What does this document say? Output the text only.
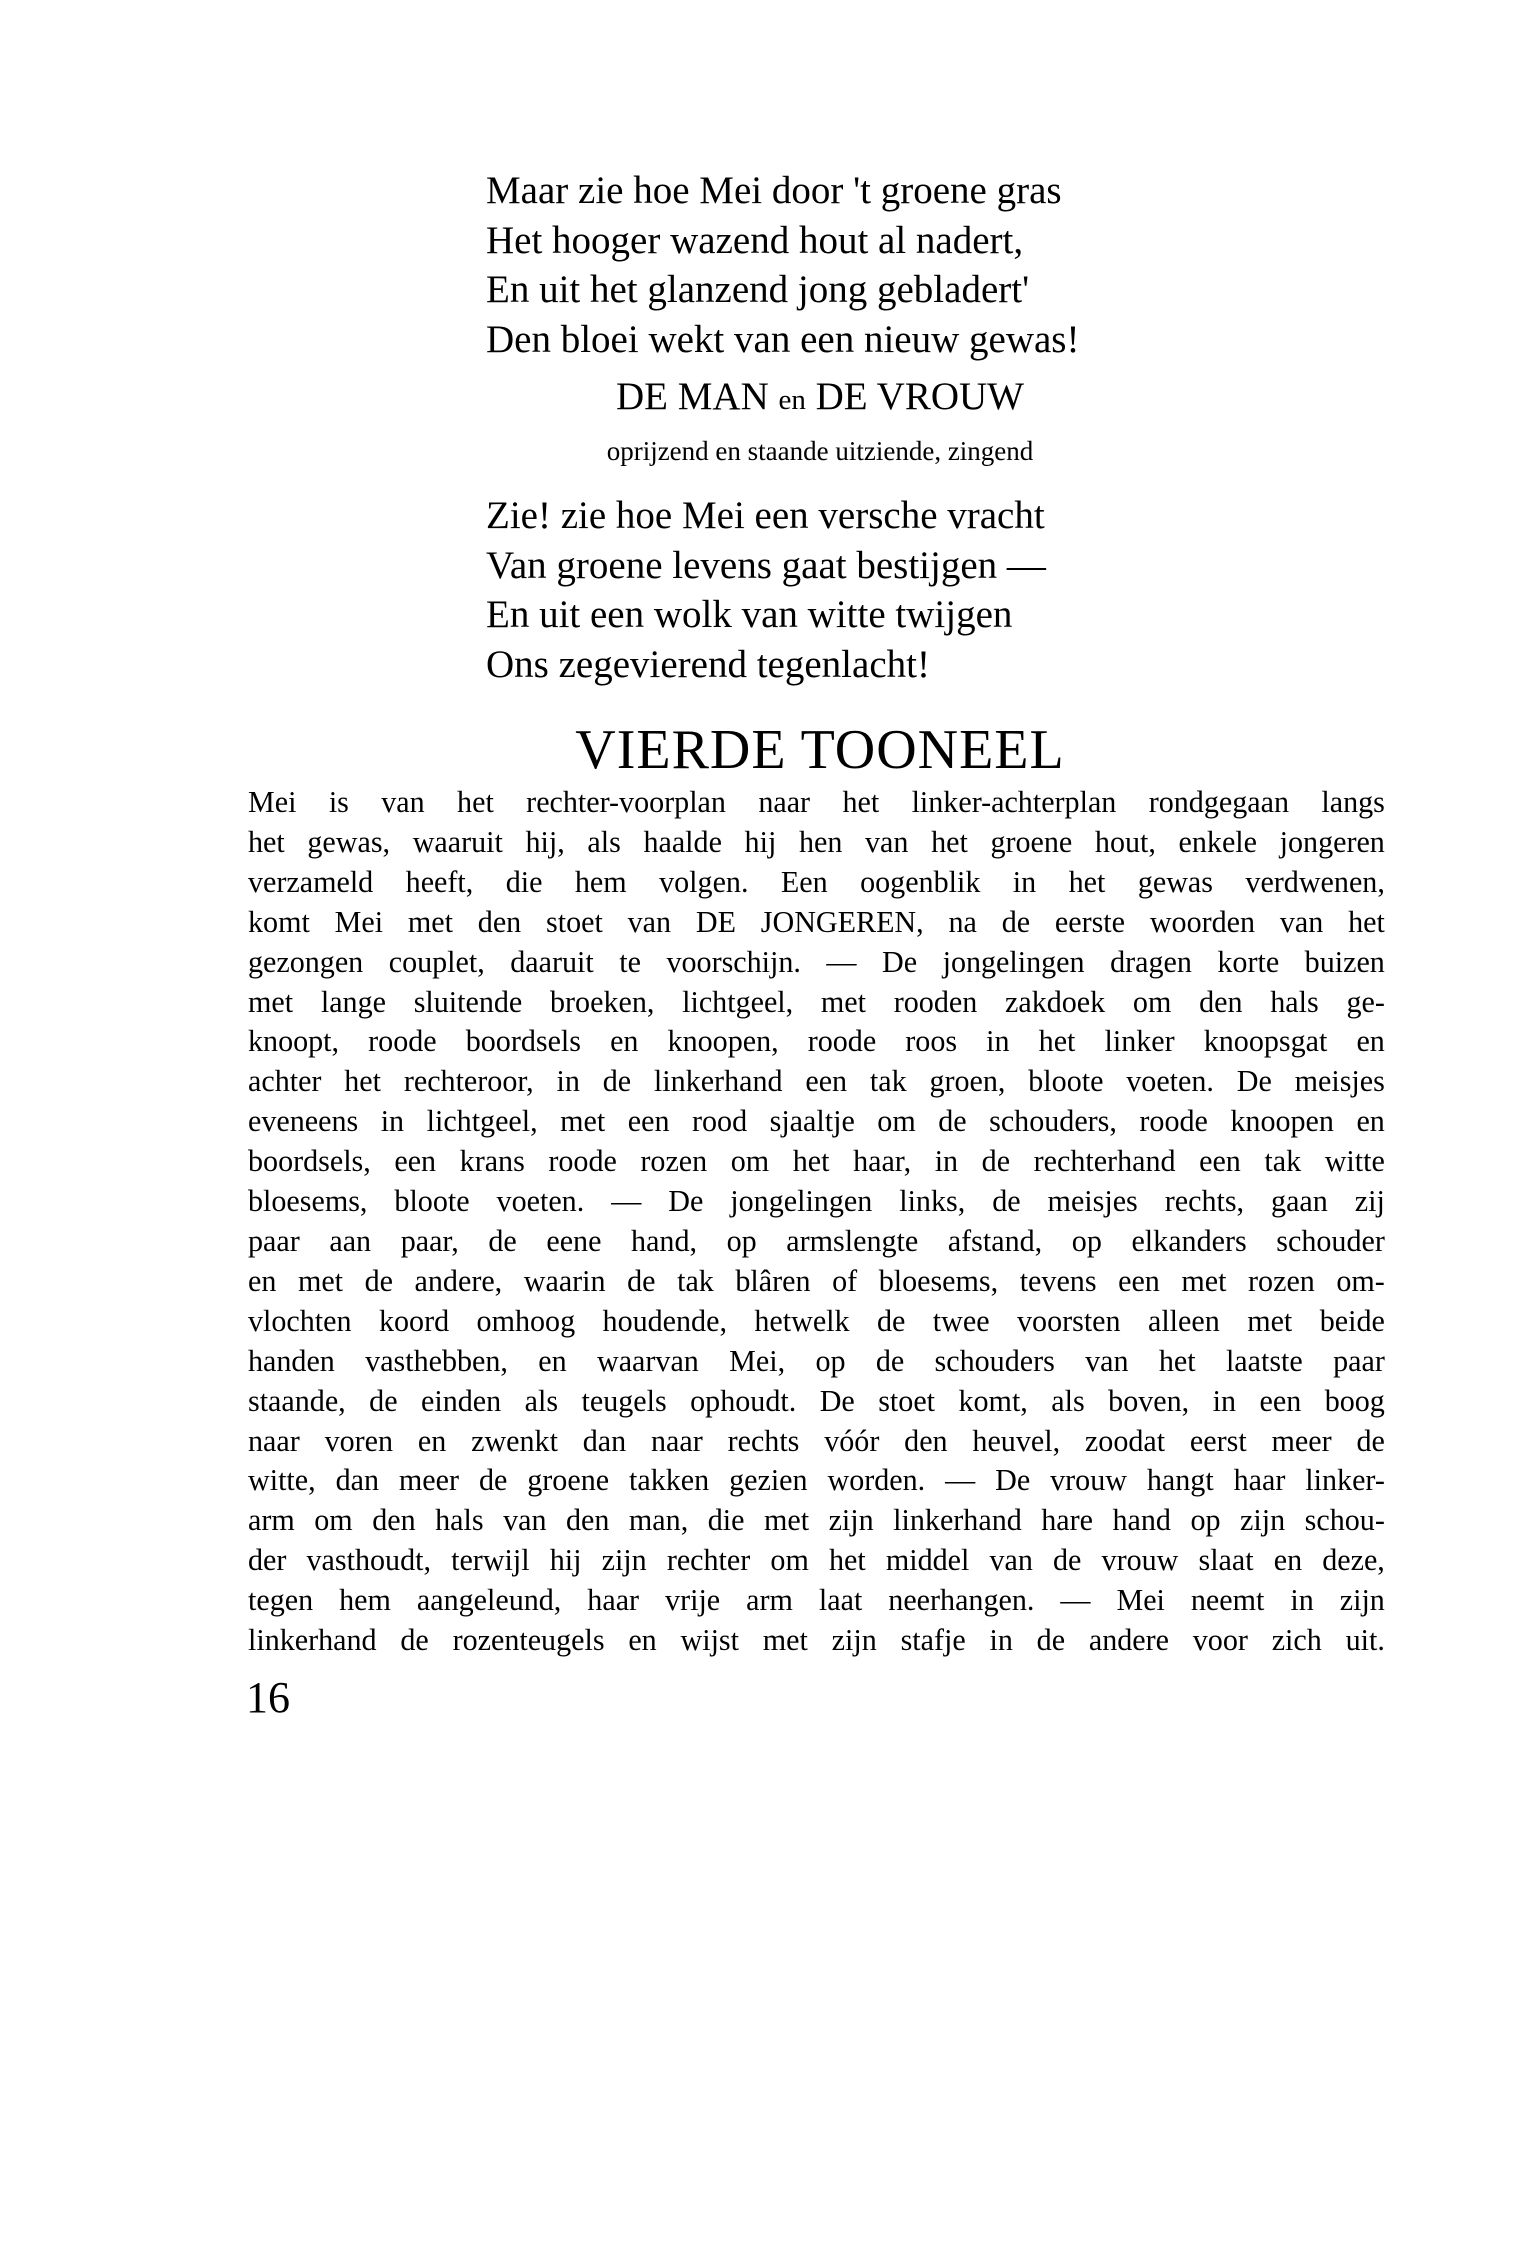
Maar zie hoe Mei door 't groene gras
Het hooger wazend hout al nadert,
En uit het glanzend jong gebladert'
Den bloei wekt van een nieuw gewas!
DE MAN en DE VROUW
oprijzend en staande uitziende, zingend
Zie! zie hoe Mei een versche vracht
Van groene levens gaat bestijgen —
En uit een wolk van witte twijgen
Ons zegevierend tegenlacht!
VIERDE TOONEEL
Mei is van het rechter-voorplan naar het linker-achterplan rondgegaan langs
het gewas, waaruit hij, als haalde hij hen van het groene hout, enkele jongeren
verzameld heeft, die hem volgen. Een oogenblik in het gewas verdwenen,
komt Mei met den stoet van DE JONGEREN, na de eerste woorden van het
gezongen couplet, daaruit te voorschijn. — De jongelingen dragen korte buizen
met lange sluitende broeken, lichtgeel, met rooden zakdoek om den hals ge-
knoopt, roode boordsels en knoopen, roode roos in het linker knoopsgat en
achter het rechteroor, in de linkerhand een tak groen, bloote voeten. De meisjes
eveneens in lichtgeel, met een rood sjaaltje om de schouders, roode knoopen en
boordsels, een krans roode rozen om het haar, in de rechterhand een tak witte
bloesems, bloote voeten. — De jongelingen links, de meisjes rechts, gaan zij
paar aan paar, de eene hand, op armslengte afstand, op elkanders schouder
en met de andere, waarin de tak blâren of bloesems, tevens een met rozen om-
vlochten koord omhoog houdende, hetwelk de twee voorsten alleen met beide
handen vasthebben, en waarvan Mei, op de schouders van het laatste paar
staande, de einden als teugels ophoudt. De stoet komt, als boven, in een boog
naar voren en zwenkt dan naar rechts vóór den heuvel, zoodat eerst meer de
witte, dan meer de groene takken gezien worden. — De vrouw hangt haar linker-
arm om den hals van den man, die met zijn linkerhand hare hand op zijn schou-
der vasthoudt, terwijl hij zijn rechter om het middel van de vrouw slaat en deze,
tegen hem aangeleund, haar vrije arm laat neerhangen. — Mei neemt in zijn
linkerhand de rozenteugels en wijst met zijn stafje in de andere voor zich uit.
16
